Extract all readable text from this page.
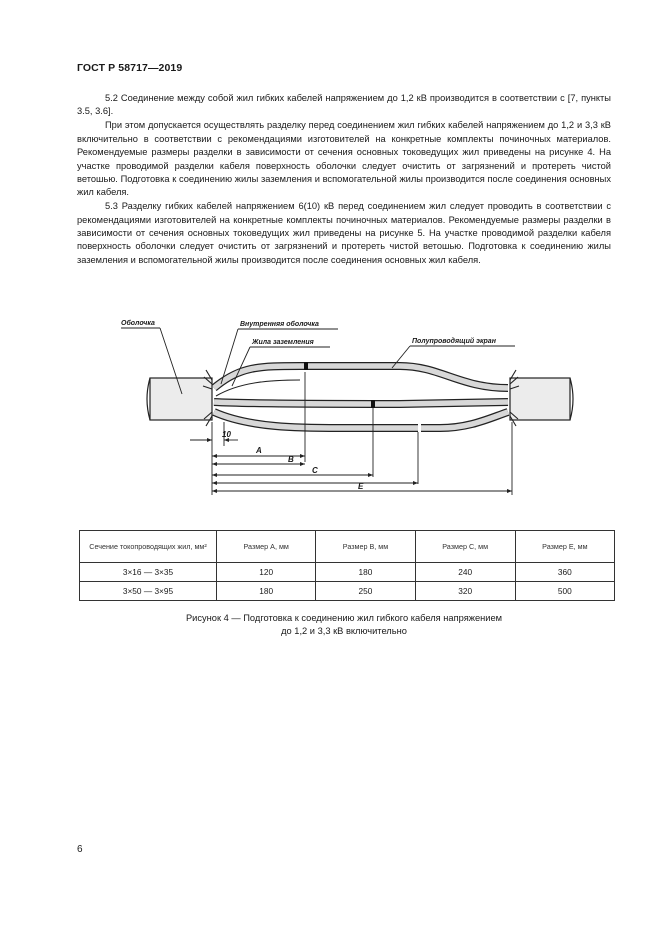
ГОСТ Р 58717—2019

5.2 Соединение между собой жил гибких кабелей напряжением до 1,2 кВ производится в соответствии с [7, пункты 3.5, 3.6].

При этом допускается осуществлять разделку перед соединением жил гибких кабелей напряжением до 1,2 и 3,3 кВ включительно в соответствии с рекомендациями изготовителей на конкретные комплекты починочных материалов. Рекомендуемые размеры разделки в зависимости от сечения основных токоведущих жил приведены на рисунке 4. На участке проводимой разделки кабеля поверхность оболочки следует очистить от загрязнений и протереть чистой ветошью. Подготовка к соединению жилы заземления и вспомогательной жилы производится после соединения основных жил кабеля.

5.3 Разделку гибких кабелей напряжением 6(10) кВ перед соединением жил следует проводить в соответствии с рекомендациями изготовителей на конкретные комплекты починочных материалов. Рекомендуемые размеры разделки в зависимости от сечения основных токоведущих жил приведены на рисунке 5. На участке проводимой разделки кабеля поверхность оболочки следует очистить от загрязнений и протереть чистой ветошью. Подготовка к соединению жилы заземления и вспомогательной жилы производится после соединения основных жил кабеля.

Оболочка	Внутренняя оболочка
Жила заземления	Полупроводящий экран
10
A
B
C
E
Сечение токопроводящих жил, мм²	Размер А, мм	Размер В, мм	Размер С, мм	Размер Е, мм
3×16 — 3×35	120	180	240	360
3×50 — 3×95	180	250	320	500
Рисунок 4 — Подготовка к соединению жил гибкого кабеля напряжением
до 1,2 и 3,3 кВ включительно
6
